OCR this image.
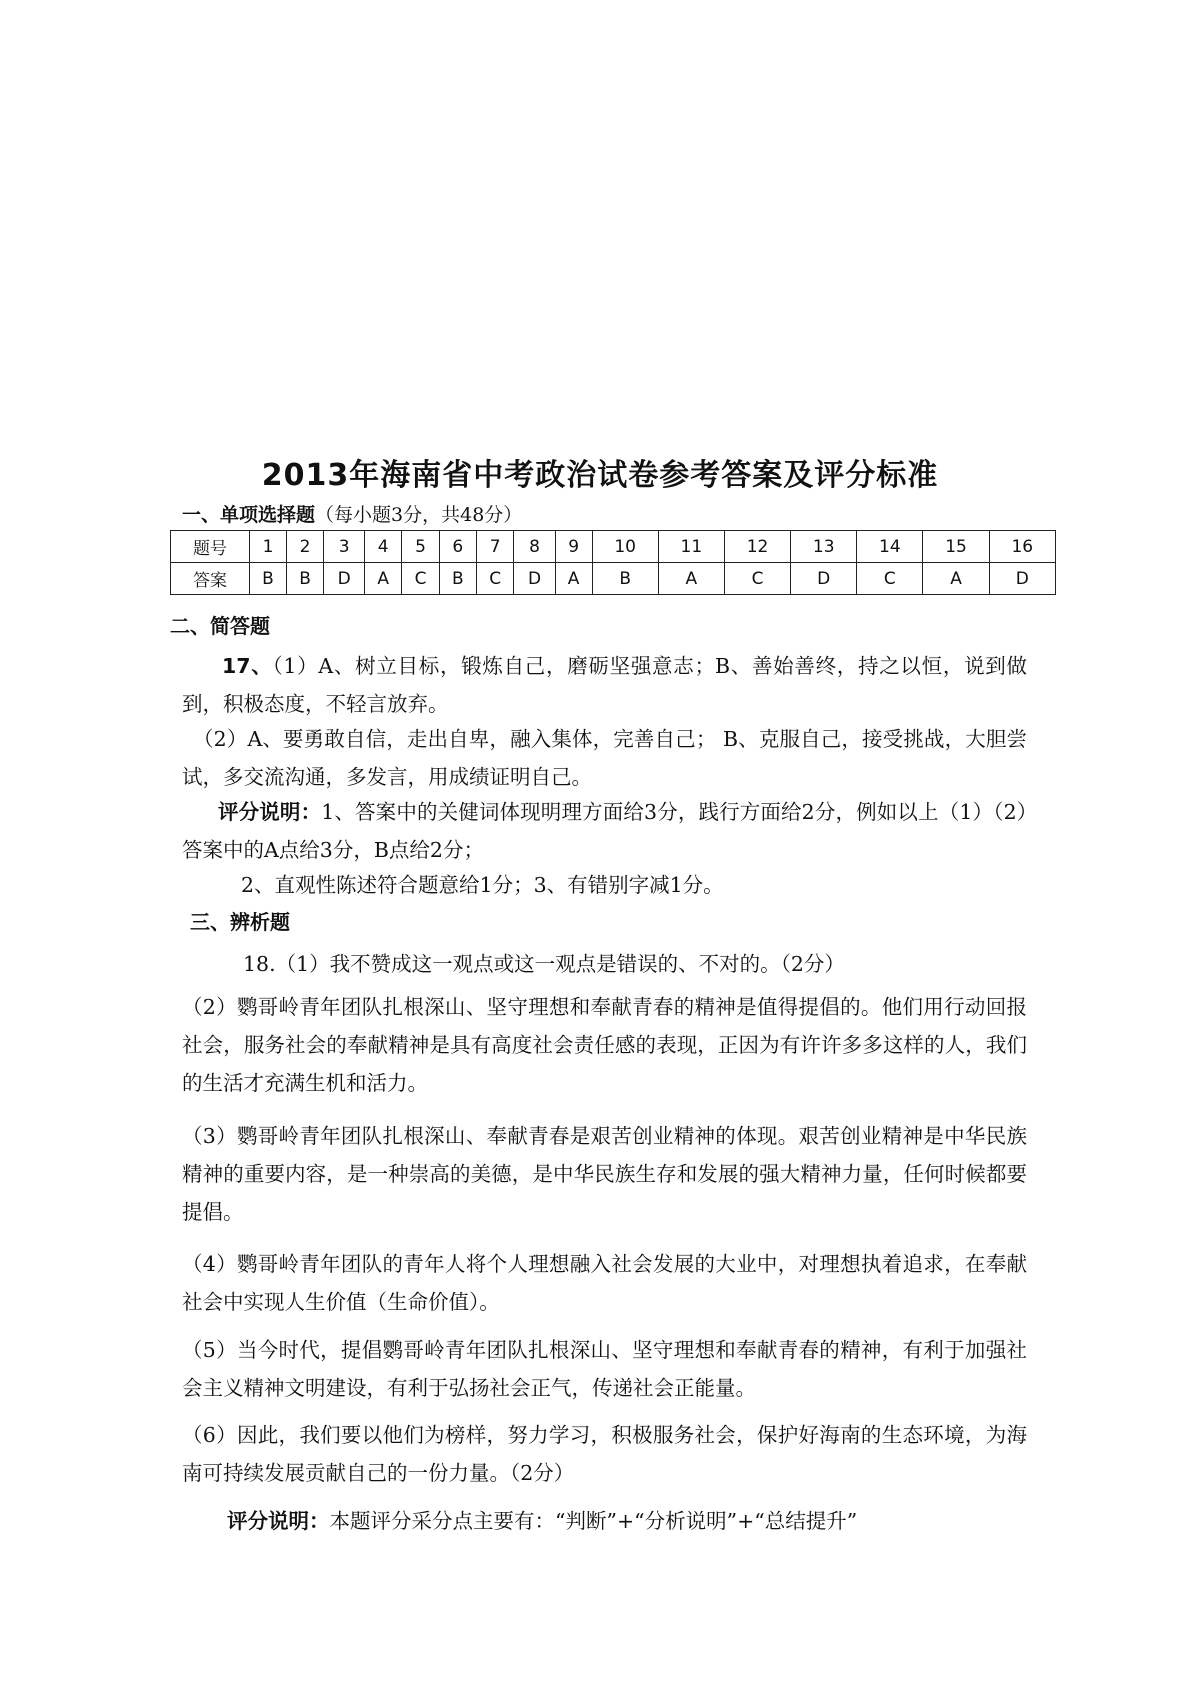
2013年海南省中考政治试卷参考答案及评分标准
一、单项选择题（每小题3分，共48分）
题号	1	2	3	4	5	6	7	8	9	10	11	12	13	14	15	16
答案	B	B	D	A	C	B	C	D	A	B	A	C	D	C	A	D
二、简答题
17、（1）A、树立目标，锻炼自己，磨砺坚强意志；B、善始善终，持之以恒，说到做到，积极态度，不轻言放弃。
（2）A、要勇敢自信，走出自卑，融入集体，完善自己； B、克服自己，接受挑战，大胆尝试，多交流沟通，多发言，用成绩证明自己。
评分说明：1、答案中的关健词体现明理方面给3分，践行方面给2分，例如以上（1）（2）答案中的A点给3分，B点给2分；
2、直观性陈述符合题意给1分；3、有错别字减1分。
三、辨析题
18.（1）我不赞成这一观点或这一观点是错误的、不对的。（2分）
（2）鹦哥岭青年团队扎根深山、坚守理想和奉献青春的精神是值得提倡的。他们用行动回报社会，服务社会的奉献精神是具有高度社会责任感的表现，正因为有许许多多这样的人，我们的生活才充满生机和活力。
（3）鹦哥岭青年团队扎根深山、奉献青春是艰苦创业精神的体现。艰苦创业精神是中华民族精神的重要内容，是一种崇高的美德，是中华民族生存和发展的强大精神力量，任何时候都要提倡。
（4）鹦哥岭青年团队的青年人将个人理想融入社会发展的大业中，对理想执着追求，在奉献社会中实现人生价值（生命价值）。
（5）当今时代，提倡鹦哥岭青年团队扎根深山、坚守理想和奉献青春的精神，有利于加强社会主义精神文明建设，有利于弘扬社会正气，传递社会正能量。
（6）因此，我们要以他们为榜样，努力学习，积极服务社会，保护好海南的生态环境，为海南可持续发展贡献自己的一份力量。（2分）
评分说明：本题评分采分点主要有：“判断”+“分析说明”+“总结提升”
